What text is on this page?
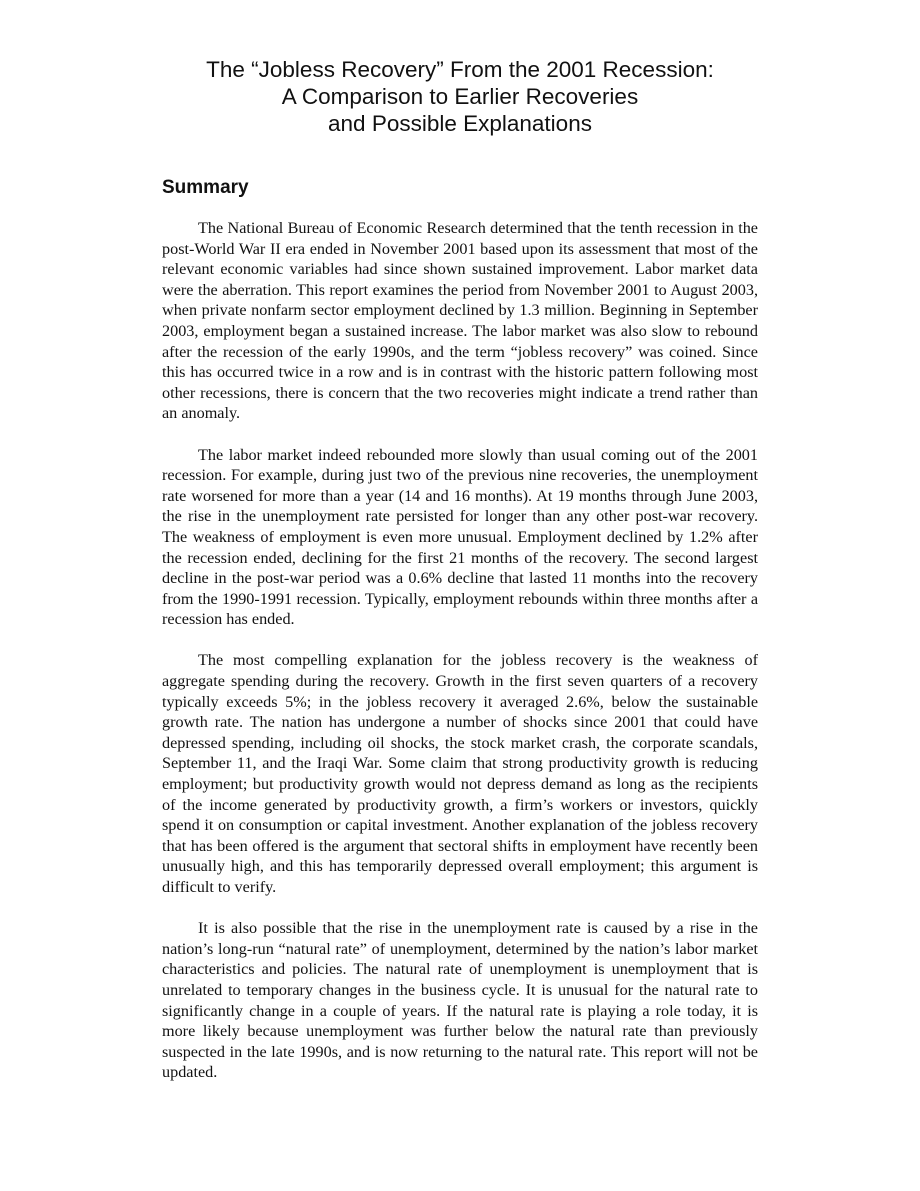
The “Jobless Recovery” From the 2001 Recession:
A Comparison to Earlier Recoveries
and Possible Explanations
Summary

The National Bureau of Economic Research determined that the tenth recession in the post-World War II era ended in November 2001 based upon its assessment that most of the relevant economic variables had since shown sustained improvement. Labor market data were the aberration. This report examines the period from November 2001 to August 2003, when private nonfarm sector employment declined by 1.3 million. Beginning in September 2003, employment began a sustained increase. The labor market was also slow to rebound after the recession of the early 1990s, and the term “jobless recovery” was coined. Since this has occurred twice in a row and is in contrast with the historic pattern following most other recessions, there is concern that the two recoveries might indicate a trend rather than an anomaly.

The labor market indeed rebounded more slowly than usual coming out of the 2001 recession. For example, during just two of the previous nine recoveries, the unemployment rate worsened for more than a year (14 and 16 months). At 19 months through June 2003, the rise in the unemployment rate persisted for longer than any other post-war recovery. The weakness of employment is even more unusual. Employment declined by 1.2% after the recession ended, declining for the first 21 months of the recovery. The second largest decline in the post-war period was a 0.6% decline that lasted 11 months into the recovery from the 1990-1991 recession. Typically, employment rebounds within three months after a recession has ended.

The most compelling explanation for the jobless recovery is the weakness of aggregate spending during the recovery. Growth in the first seven quarters of a recovery typically exceeds 5%; in the jobless recovery it averaged 2.6%, below the sustainable growth rate. The nation has undergone a number of shocks since 2001 that could have depressed spending, including oil shocks, the stock market crash, the corporate scandals, September 11, and the Iraqi War. Some claim that strong productivity growth is reducing employment; but productivity growth would not depress demand as long as the recipients of the income generated by productivity growth, a firm’s workers or investors, quickly spend it on consumption or capital investment. Another explanation of the jobless recovery that has been offered is the argument that sectoral shifts in employment have recently been unusually high, and this has temporarily depressed overall employment; this argument is difficult to verify.

It is also possible that the rise in the unemployment rate is caused by a rise in the nation’s long-run “natural rate” of unemployment, determined by the nation’s labor market characteristics and policies. The natural rate of unemployment is unemployment that is unrelated to temporary changes in the business cycle. It is unusual for the natural rate to significantly change in a couple of years. If the natural rate is playing a role today, it is more likely because unemployment was further below the natural rate than previously suspected in the late 1990s, and is now returning to the natural rate. This report will not be updated.
